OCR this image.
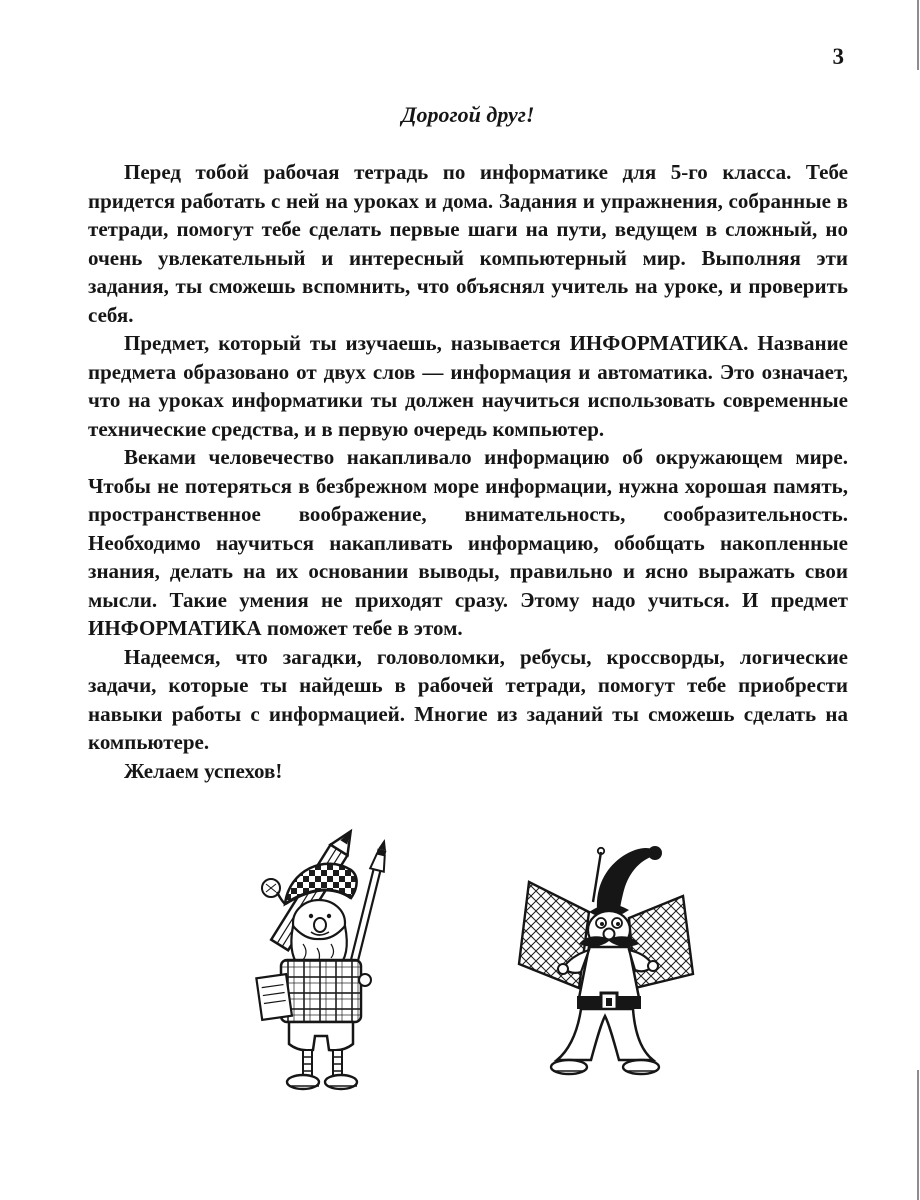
3

Дорогой друг!

Перед тобой рабочая тетрадь по информатике для 5-го класса. Тебе придется работать с ней на уроках и дома. Задания и упражнения, собранные в тетради, помогут тебе сделать первые шаги на пути, ведущем в сложный, но очень увлекательный и интересный компьютерный мир. Выполняя эти задания, ты сможешь вспомнить, что объяснял учитель на уроке, и проверить себя.

Предмет, который ты изучаешь, называется ИНФОРМАТИКА. Название предмета образовано от двух слов — информация и автоматика. Это означает, что на уроках информатики ты должен научиться использовать современные технические средства, и в первую очередь компьютер.

Веками человечество накапливало информацию об окружающем мире. Чтобы не потеряться в безбрежном море информации, нужна хорошая память, пространственное воображение, внимательность, сообразительность. Необходимо научиться накапливать информацию, обобщать накопленные знания, делать на их основании выводы, правильно и ясно выражать свои мысли. Такие умения не приходят сразу. Этому надо учиться. И предмет ИНФОРМАТИКА поможет тебе в этом.

Надеемся, что загадки, головоломки, ребусы, кроссворды, логические задачи, которые ты найдешь в рабочей тетради, помогут тебе приобрести навыки работы с информацией. Многие из заданий ты сможешь сделать на компьютере.

Желаем успехов!
